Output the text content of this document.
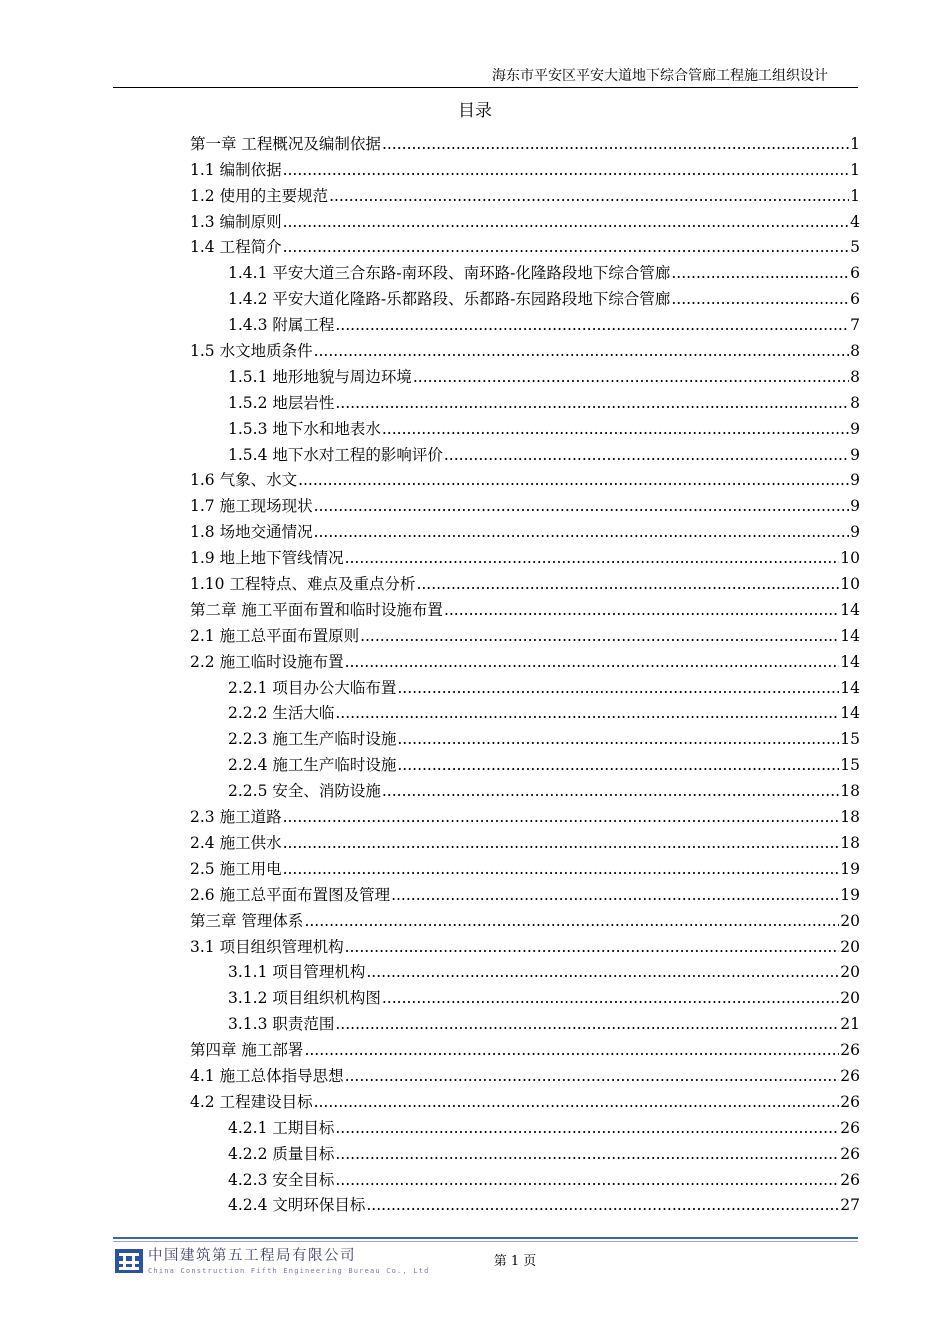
海东市平安区平安大道地下综合管廊工程施工组织设计
目录
第一章 工程概况及编制依据 .....	1
1.1 编制依据 .....	1
1.2 使用的主要规范 .....	1
1.3 编制原则 .....	4
1.4 工程简介 .....	5
1.4.1 平安大道三合东路-南环段、南环路-化隆路段地下综合管廊 .....	6
1.4.2 平安大道化隆路-乐都路段、乐都路-东园路段地下综合管廊 .....	6
1.4.3 附属工程 .....	7
1.5 水文地质条件 .....	8
1.5.1 地形地貌与周边环境 .....	8
1.5.2 地层岩性 .....	8
1.5.3 地下水和地表水 .....	9
1.5.4 地下水对工程的影响评价 .....	9
1.6 气象、水文 .....	9
1.7 施工现场现状 .....	9
1.8 场地交通情况 .....	9
1.9 地上地下管线情况 .....	10
1.10 工程特点、难点及重点分析 .....	10
第二章 施工平面布置和临时设施布置 .....	14
2.1 施工总平面布置原则 .....	14
2.2 施工临时设施布置 .....	14
2.2.1 项目办公大临布置 .....	14
2.2.2 生活大临 .....	14
2.2.3 施工生产临时设施 .....	15
2.2.4 施工生产临时设施 .....	15
2.2.5 安全、消防设施 .....	18
2.3 施工道路 .....	18
2.4 施工供水 .....	18
2.5 施工用电 .....	19
2.6 施工总平面布置图及管理 .....	19
第三章 管理体系 .....	20
3.1 项目组织管理机构 .....	20
3.1.1 项目管理机构 .....	20
3.1.2 项目组织机构图 .....	20
3.1.3 职责范围 .....	21
第四章 施工部署 .....	26
4.1 施工总体指导思想 .....	26
4.2 工程建设目标 .....	26
4.2.1 工期目标 .....	26
4.2.2 质量目标 .....	26
4.2.3 安全目标 .....	26
4.2.4 文明环保目标 .....	27
中国建筑第五工程局有限公司
China Construction Fifth Engineering Bureau Co., Ltd
第 1 页
